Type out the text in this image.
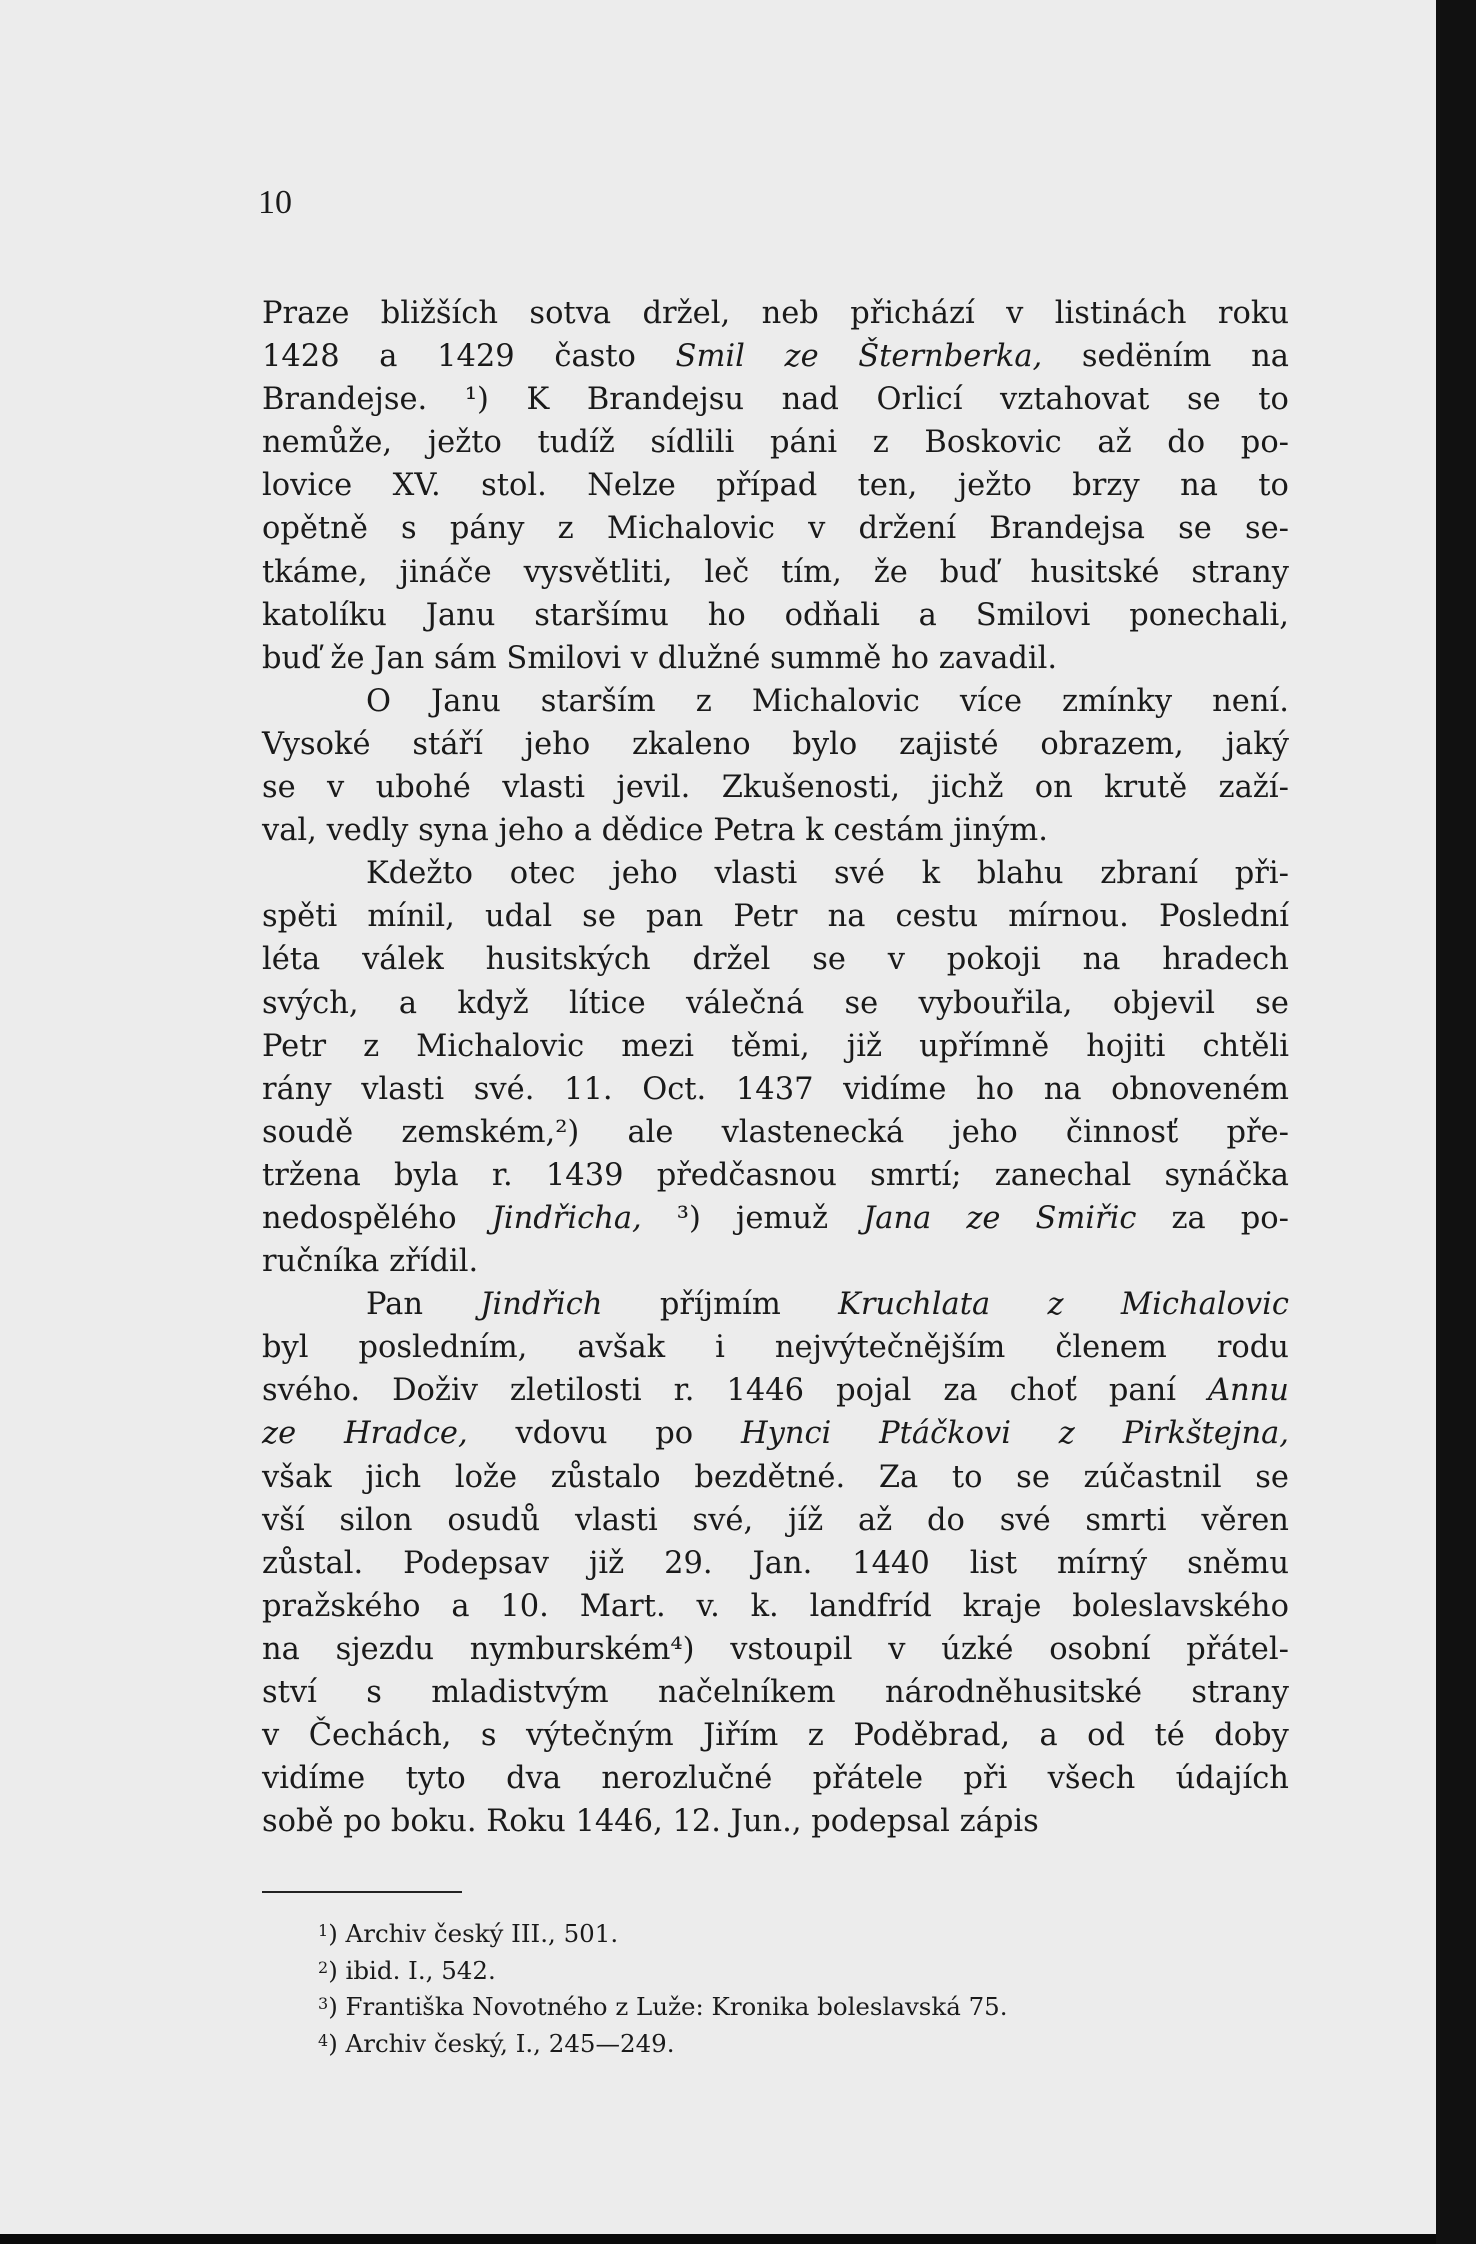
10

Praze bližších sotva držel, neb přichází v listinách roku
1428 a 1429 často Smil ze Šternberka, sedëním na
Brandejse. ¹) K Brandejsu nad Orlicí vztahovat se to
nemůže, ježto tudíž sídlili páni z Boskovic až do po-
lovice XV. stol. Nelze případ ten, ježto brzy na to
opětně s pány z Michalovic v držení Brandejsa se se-
tkáme, jináče vysvětliti, leč tím, že buď husitské strany
katolíku Janu staršímu ho odňali a Smilovi ponechali,
buď že Jan sám Smilovi v dlužné summě ho zavadil.
O Janu starším z Michalovic více zmínky není.
Vysoké stáří jeho zkaleno bylo zajisté obrazem, jaký
se v ubohé vlasti jevil. Zkušenosti, jichž on krutě zaží-
val, vedly syna jeho a dědice Petra k cestám jiným.
Kdežto otec jeho vlasti své k blahu zbraní při-
spěti mínil, udal se pan Petr na cestu mírnou. Poslední
léta válek husitských držel se v pokoji na hradech
svých, a když lítice válečná se vybouřila, objevil se
Petr z Michalovic mezi těmi, již upřímně hojiti chtěli
rány vlasti své. 11. Oct. 1437 vidíme ho na obnoveném
soudě zemském,²) ale vlastenecká jeho činnosť pře-
tržena byla r. 1439 předčasnou smrtí; zanechal synáčka
nedospělého Jindřicha, ³) jemuž Jana ze Smiřic za po-
ručníka zřídil.
Pan Jindřich příjmím Kruchlata z Michalovic
byl posledním, avšak i nejvýtečnějším členem rodu
svého. Doživ zletilosti r. 1446 pojal za choť paní Annu
ze Hradce, vdovu po Hynci Ptáčkovi z Pirkštejna,
však jich lože zůstalo bezdětné. Za to se zúčastnil se
vší silon osudů vlasti své, jíž až do své smrti věren
zůstal. Podepsav již 29. Jan. 1440 list mírný sněmu
pražského a 10. Mart. v. k. landfríd kraje boleslavského
na sjezdu nymburském⁴) vstoupil v úzké osobní přátel-
ství s mladistvým načelníkem národněhusitské strany
v Čechách, s výtečným Jiřím z Poděbrad, a od té doby
vidíme tyto dva nerozlučné přátele při všech údajích
sobě po boku. Roku 1446, 12. Jun., podepsal zápis
$^1$) Archiv český III., 501.
$^2$) ibid. I., 542.
$^3$) Františka Novotného z Luže: Kronika boleslavská 75.
$^4$) Archiv český, I., 245—249.
